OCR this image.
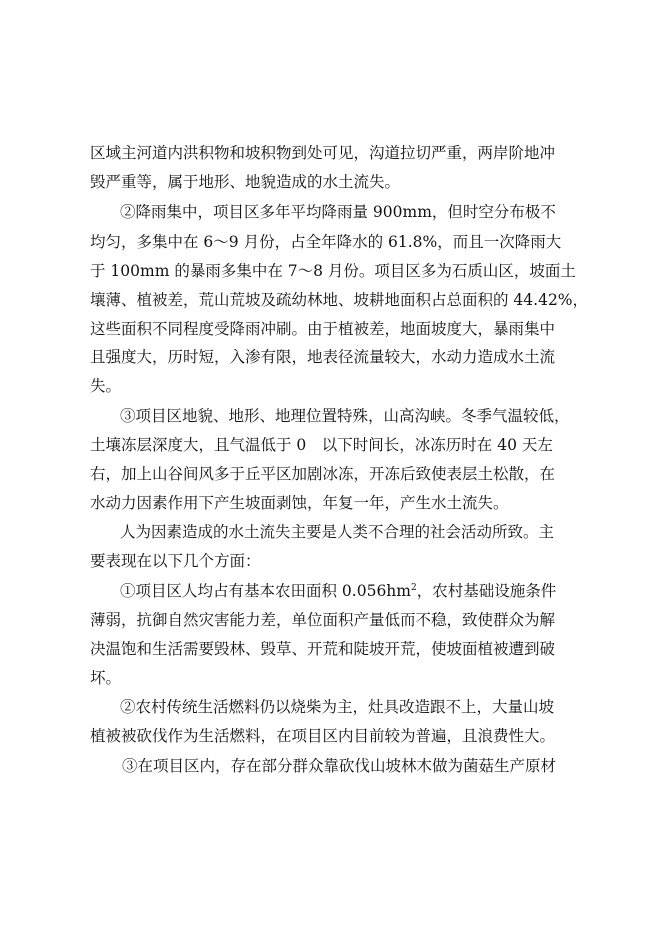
区域主河道内洪积物和坡积物到处可见，沟道拉切严重，两岸阶地冲

毁严重等，属于地形、地貌造成的水土流失。

②降雨集中，项目区多年平均降雨量 900mm，但时空分布极不

均匀，多集中在 6～9 月份，占全年降水的 61.8%，而且一次降雨大

于 100mm 的暴雨多集中在 7～8 月份。项目区多为石质山区，坡面土

壤薄、植被差，荒山荒坡及疏幼林地、坡耕地面积占总面积的 44.42%，

这些面积不同程度受降雨冲刷。由于植被差，地面坡度大，暴雨集中

且强度大，历时短，入渗有限，地表径流量较大，水动力造成水土流

失。

③项目区地貌、地形、地理位置特殊，山高沟峡。冬季气温较低，

土壤冻层深度大，且气温低于 0　以下时间长，冰冻历时在 40 天左

右，加上山谷间风多于丘平区加剧冰冻，开冻后致使表层土松散，在

水动力因素作用下产生坡面剥蚀，年复一年，产生水土流失。

人为因素造成的水土流失主要是人类不合理的社会活动所致。主

要表现在以下几个方面：

①项目区人均占有基本农田面积 $0.056hm^2$，农村基础设施条件

薄弱，抗御自然灾害能力差，单位面积产量低而不稳，致使群众为解

决温饱和生活需要毁林、毁草、开荒和陡坡开荒，使坡面植被遭到破

坏。

②农村传统生活燃料仍以烧柴为主，灶具改造跟不上，大量山坡

植被被砍伐作为生活燃料，在项目区内目前较为普遍，且浪费性大。

③在项目区内，存在部分群众靠砍伐山坡林木做为菌菇生产原材
